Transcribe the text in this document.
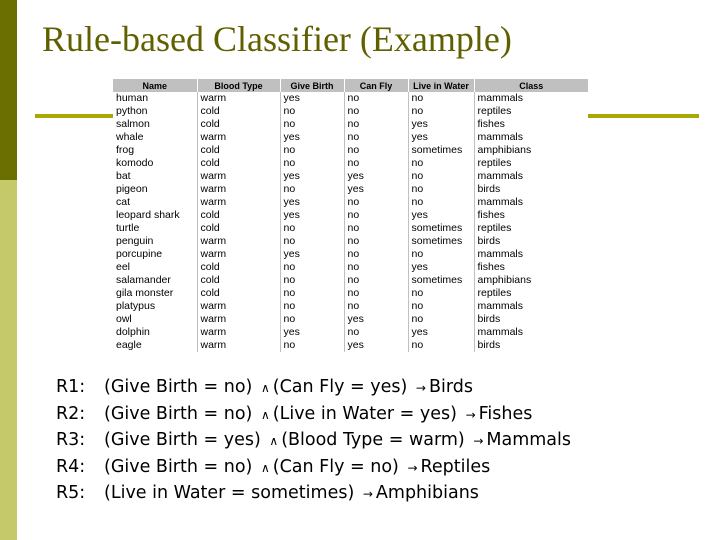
Rule-based Classifier (Example)
Name	Blood Type	Give Birth	Can Fly	Live in Water	Class
human	warm	yes	no	no	mammals
python	cold	no	no	no	reptiles
salmon	cold	no	no	yes	fishes
whale	warm	yes	no	yes	mammals
frog	cold	no	no	sometimes	amphibians
komodo	cold	no	no	no	reptiles
bat	warm	yes	yes	no	mammals
pigeon	warm	no	yes	no	birds
cat	warm	yes	no	no	mammals
leopard shark	cold	yes	no	yes	fishes
turtle	cold	no	no	sometimes	reptiles
penguin	warm	no	no	sometimes	birds
porcupine	warm	yes	no	no	mammals
eel	cold	no	no	yes	fishes
salamander	cold	no	no	sometimes	amphibians
gila monster	cold	no	no	no	reptiles
platypus	warm	no	no	no	mammals
owl	warm	no	yes	no	birds
dolphin	warm	yes	no	yes	mammals
eagle	warm	no	yes	no	birds
R1: (Give Birth = no) ∧ (Can Fly = yes) → Birds
R2: (Give Birth = no) ∧ (Live in Water = yes) → Fishes
R3: (Give Birth = yes) ∧ (Blood Type = warm) → Mammals
R4: (Give Birth = no) ∧ (Can Fly = no) → Reptiles
R5: (Live in Water = sometimes) → Amphibians
